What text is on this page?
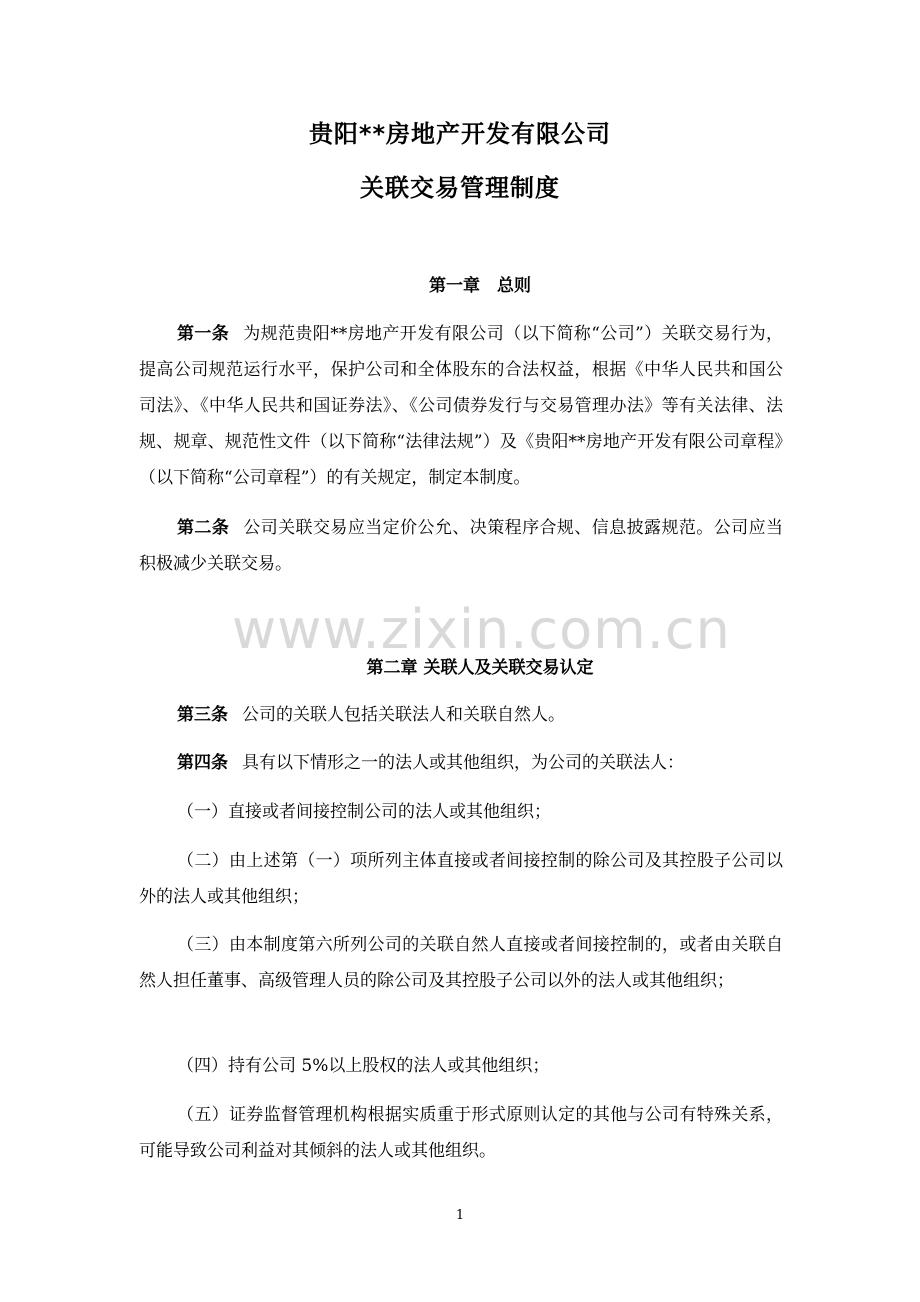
贵阳**房地产开发有限公司
关联交易管理制度
第一章　总则
第一条 为规范贵阳**房地产开发有限公司（以下简称“公司”）关联交易行为，提高公司规范运行水平，保护公司和全体股东的合法权益，根据《中华人民共和国公司法》、《中华人民共和国证券法》、《公司债券发行与交易管理办法》等有关法律、法规、规章、规范性文件（以下简称“法律法规”）及《贵阳**房地产开发有限公司章程》（以下简称“公司章程”）的有关规定，制定本制度。
第二条 公司关联交易应当定价公允、决策程序合规、信息披露规范。公司应当积极减少关联交易。
www.zixin.com.cn
第二章 关联人及关联交易认定
第三条 公司的关联人包括关联法人和关联自然人。
第四条 具有以下情形之一的法人或其他组织，为公司的关联法人：
（一）直接或者间接控制公司的法人或其他组织；
（二）由上述第（一）项所列主体直接或者间接控制的除公司及其控股子公司以外的法人或其他组织；
（三）由本制度第六所列公司的关联自然人直接或者间接控制的，或者由关联自然人担任董事、高级管理人员的除公司及其控股子公司以外的法人或其他组织；
（四）持有公司 5%以上股权的法人或其他组织；
（五）证券监督管理机构根据实质重于形式原则认定的其他与公司有特殊关系，可能导致公司利益对其倾斜的法人或其他组织。
1
